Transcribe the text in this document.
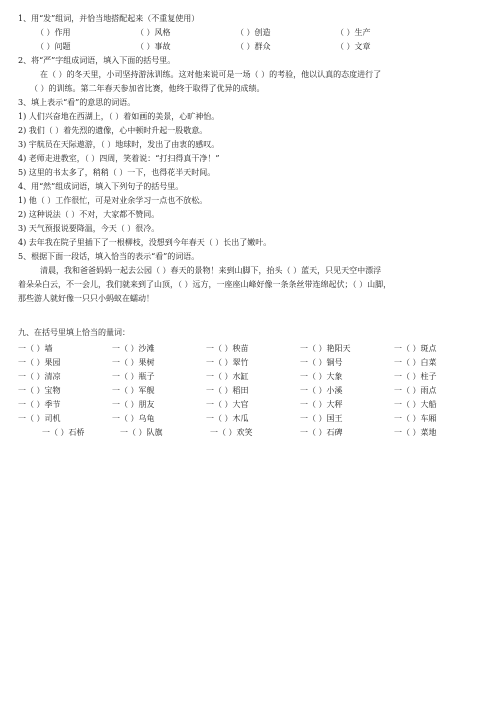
1、用“发”组词，并恰当地搭配起来（不重复使用）
（ ）作用	（ ）风格	（ ）创造	（ ）生产
（ ）问题	（ ）事故	（ ）群众	（ ）文章
2、将“严”字组成词语，填入下面的括号里。
在（ ）的冬天里，小司坚持游泳训练。这对他来说可是一场（ ）的考验，他以认真的态度进行了
（ ）的训练。第二年春天参加省比赛，他终于取得了优异的成绩。
3、填上表示“看”的意思的词语。
1) 人们兴奋地在西湖上，（ ）着如画的美景，心旷神怡。
2) 我们（ ）着先烈的遗像，心中顿时升起一股敬意。
3) 宇航员在天际遨游，（ ）地球时，发出了由衷的感叹。
4) 老师走进教室，（ ）四周，笑着说：“打扫得真干净！”
5) 这里的书太多了，稍稍（ ）一下，也得花半天时间。
4、用“然”组成词语，填入下列句子的括号里。
1) 他（ ）工作很忙，可是对业余学习一点也不放松。
2) 这种说法（ ）不对，大家都不赞同。
3) 天气预报说要降温，今天（ ）很冷。
4) 去年我在院子里插下了一根柳枝，没想到今年春天（ ）长出了嫩叶。
5、根据下面一段话，填入恰当的表示“看”的词语。
清晨，我和爸爸妈妈一起去公园（ ）春天的景物！来到山脚下，抬头（ ）蓝天，只见天空中漂浮
着朵朵白云，不一会儿，我们就来到了山顶，（ ）远方，一座座山峰好像一条条丝带连绵起伏；（ ）山脚，
那些游人就好像一只只小蚂蚁在蠕动！
九、在括号里填上恰当的量词：
一（ ）墙	一（ ）沙滩	一（ ）秧苗	一（ ）艳阳天	一（ ）斑点
一（ ）果园	一（ ）果树	一（ ）翠竹	一（ ）铜号	一（ ）白菜
一（ ）清凉	一（ ）瓶子	一（ ）水缸	一（ ）大象	一（ ）柱子
一（ ）宝物	一（ ）军舰	一（ ）稻田	一（ ）小溪	一（ ）雨点
一（ ）季节	一（ ）朋友	一（ ）大官	一（ ）大秤	一（ ）大船
一（ ）司机	一（ ）乌龟	一（ ）木瓜	一（ ）国王	一（ ）车厢
一（ ）石桥	一（ ）队旗	一（ ）欢笑	一（ ）石碑	一（ ）菜地
